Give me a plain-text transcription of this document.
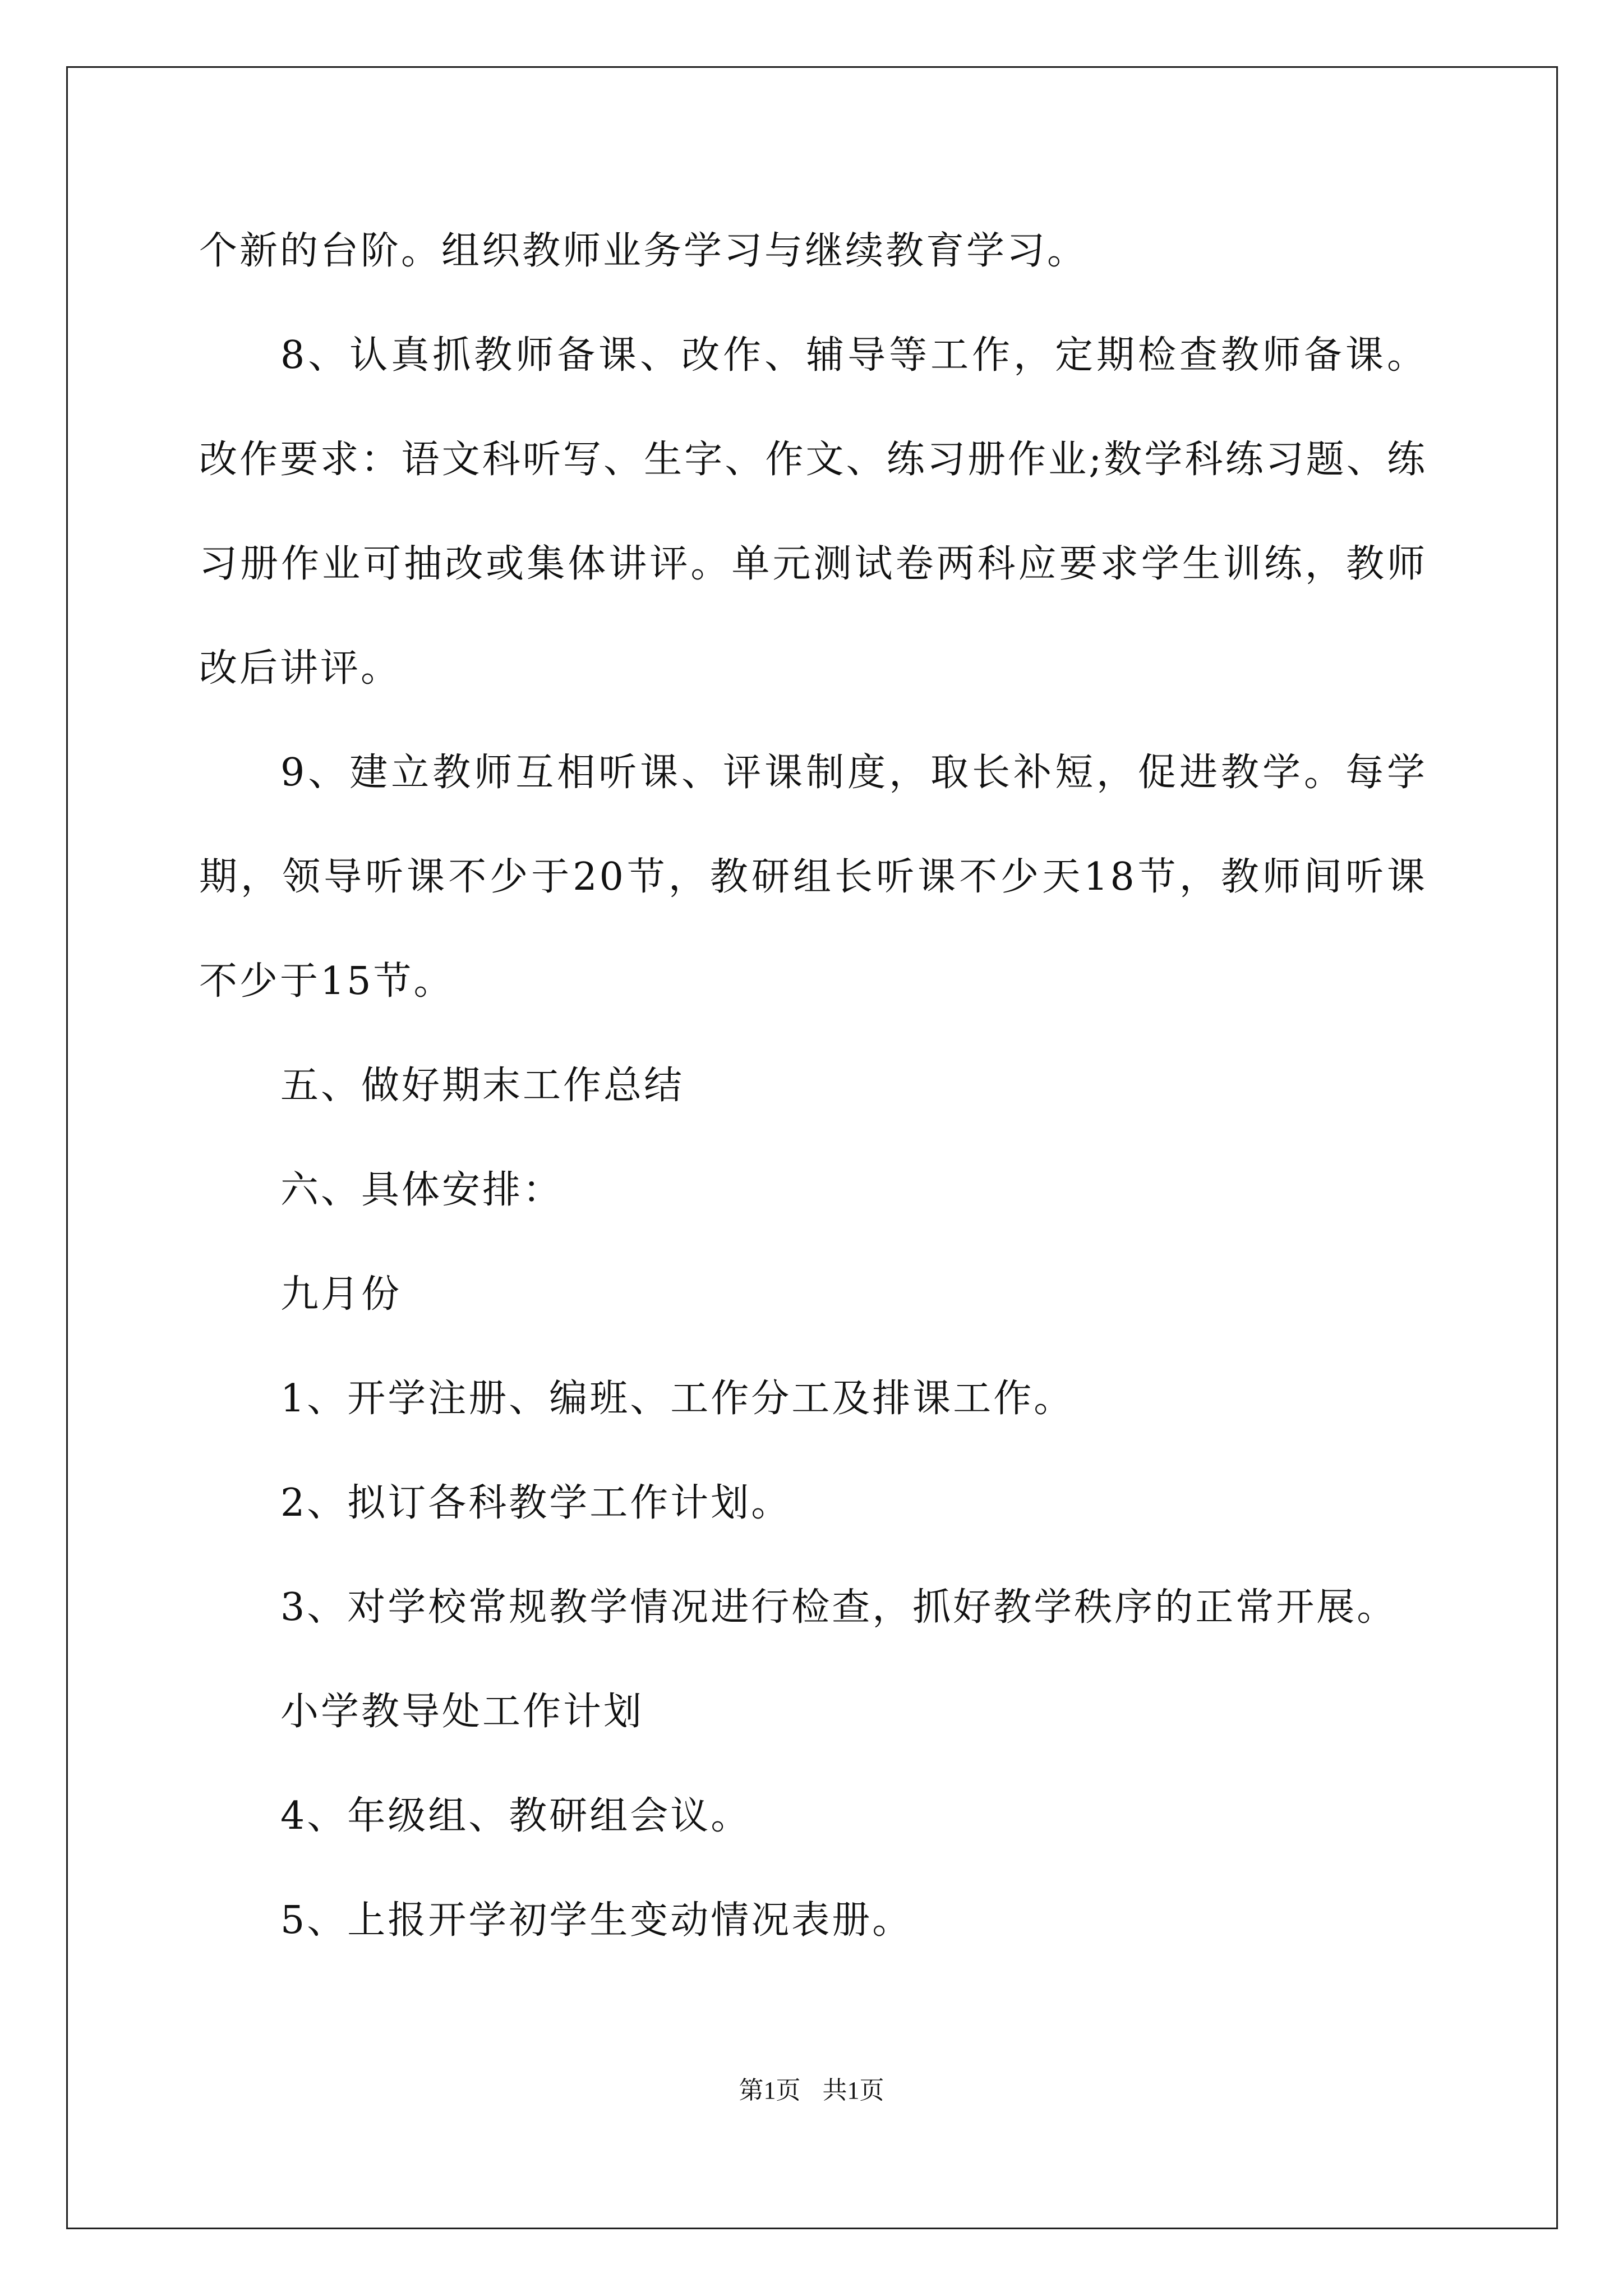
个新的台阶。组织教师业务学习与继续教育学习。

8、认真抓教师备课、改作、辅导等工作，定期检查教师备课。改作要求：语文科听写、生字、作文、练习册作业;数学科练习题、练习册作业可抽改或集体讲评。单元测试卷两科应要求学生训练，教师改后讲评。

9、建立教师互相听课、评课制度，取长补短，促进教学。每学期，领导听课不少于20节，教研组长听课不少天18节，教师间听课不少于15节。

五、做好期末工作总结

六、具体安排：

九月份

1、开学注册、编班、工作分工及排课工作。

2、拟订各科教学工作计划。

3、对学校常规教学情况进行检查，抓好教学秩序的正常开展。

小学教导处工作计划

4、年级组、教研组会议。

5、上报开学初学生变动情况表册。

第1页 共1页
